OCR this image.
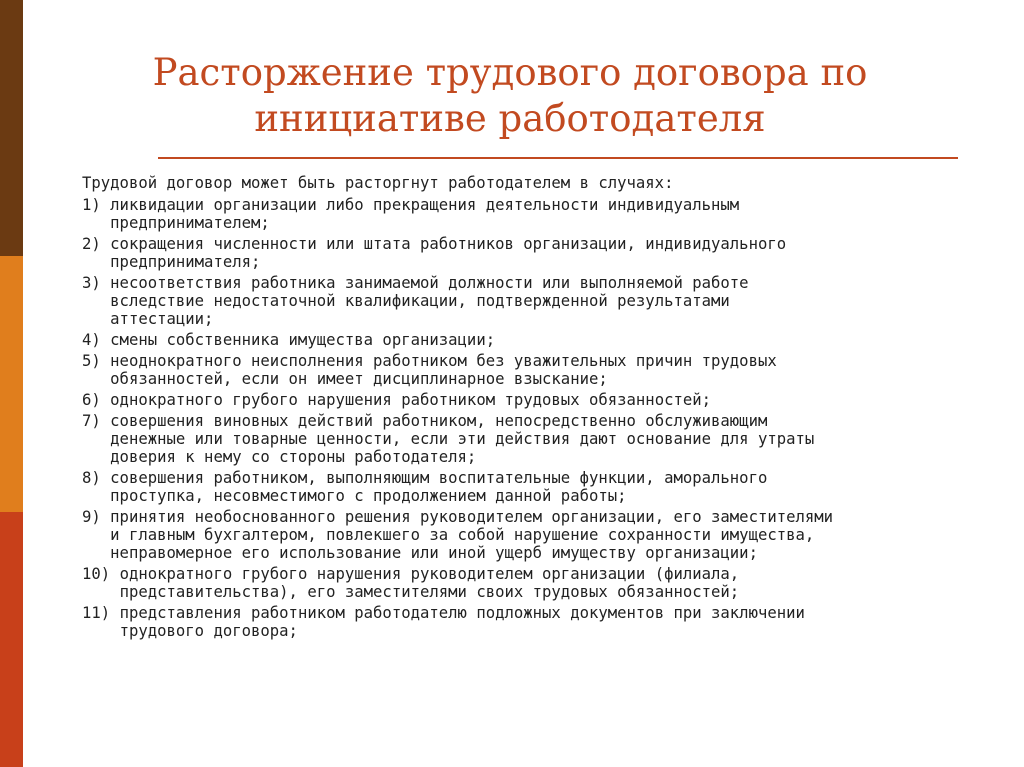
Расторжение трудового договора по
инициативе работодателя

Трудовой договор может быть расторгнут работодателем в случаях:

1) ликвидации организации либо прекращения деятельности индивидуальным
предпринимателем;
2) сокращения численности или штата работников организации, индивидуального
предпринимателя;
3) несоответствия работника занимаемой должности или выполняемой работе
вследствие недостаточной квалификации, подтвержденной результатами
аттестации;
4) смены собственника имущества организации;
5) неоднократного неисполнения работником без уважительных причин трудовых
обязанностей, если он имеет дисциплинарное взыскание;
6) однократного грубого нарушения работником трудовых обязанностей;
7) совершения виновных действий работником, непосредственно обслуживающим
денежные или товарные ценности, если эти действия дают основание для утраты
доверия к нему со стороны работодателя;
8) совершения работником, выполняющим воспитательные функции, аморального
проступка, несовместимого с продолжением данной работы;
9) принятия необоснованного решения руководителем организации, его заместителями
и главным бухгалтером, повлекшего за собой нарушение сохранности имущества,
неправомерное его использование или иной ущерб имуществу организации;
10) однократного грубого нарушения руководителем организации (филиала,
представительства), его заместителями своих трудовых обязанностей;
11) представления работником работодателю подложных документов при заключении
трудового договора;
